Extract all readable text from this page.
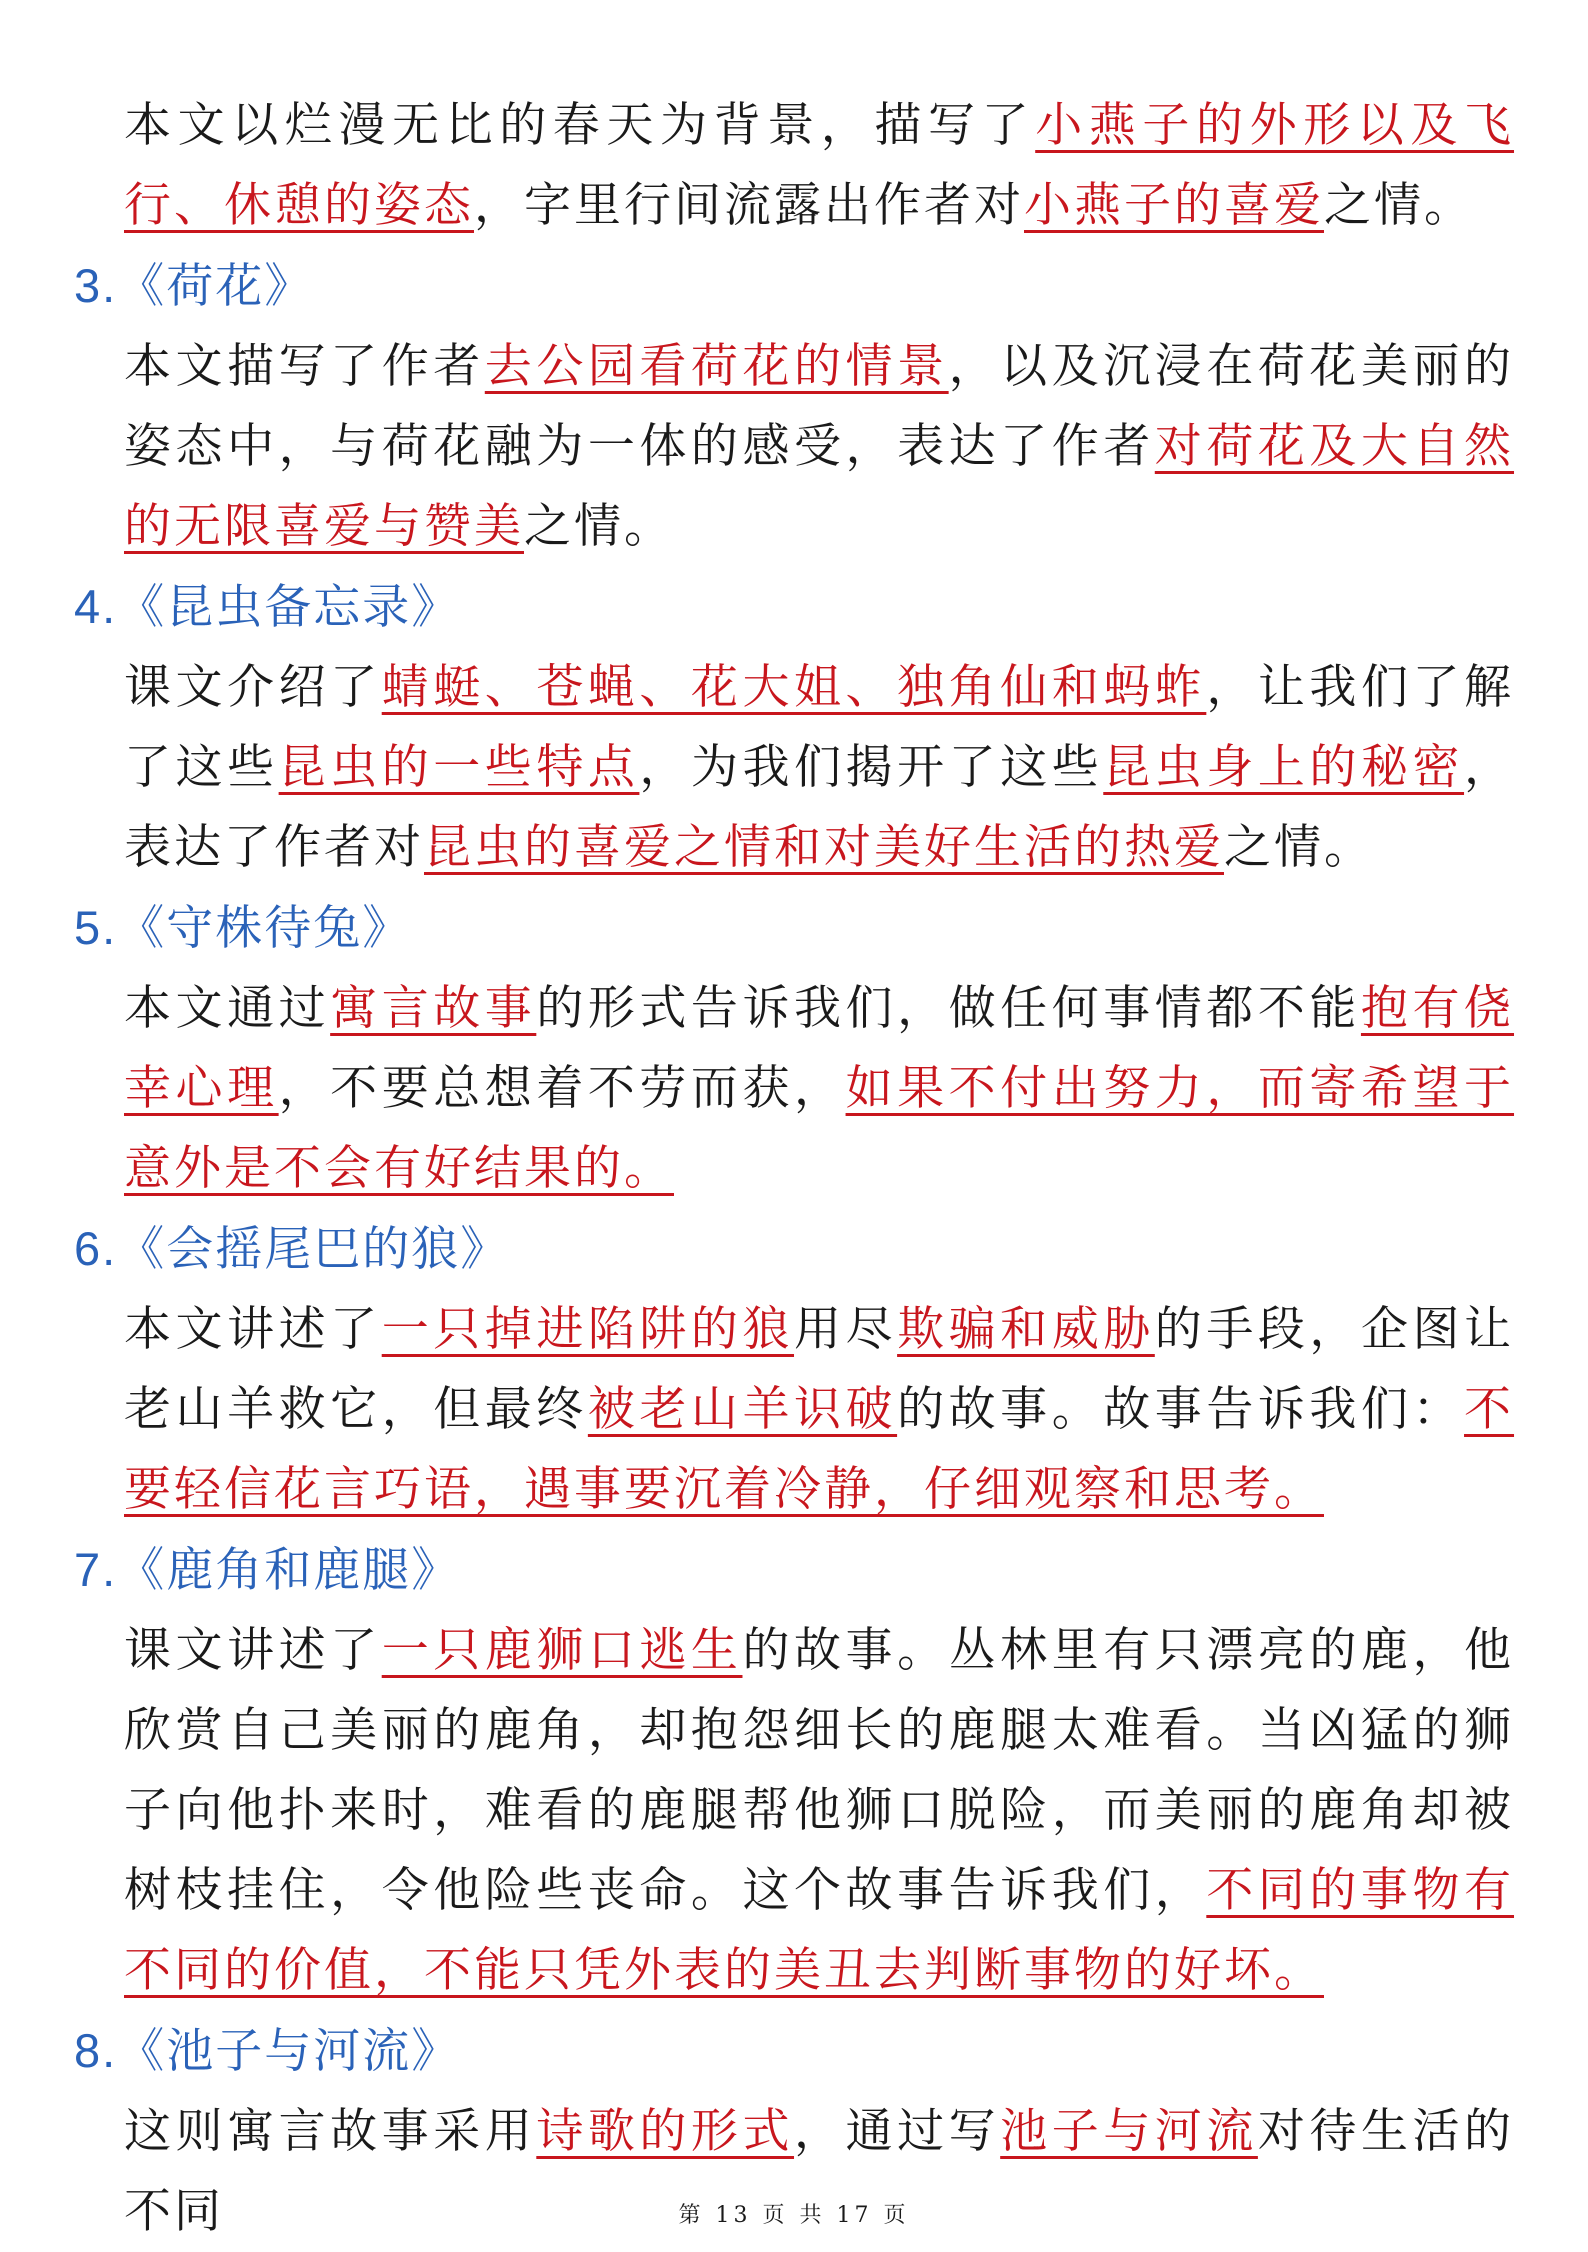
本文以烂漫无比的春天为背景，描写了小燕子的外形以及飞行、休憩的姿态，字里行间流露出作者对小燕子的喜爱之情。
3.《荷花》
本文描写了作者去公园看荷花的情景，以及沉浸在荷花美丽的姿态中，与荷花融为一体的感受，表达了作者对荷花及大自然的无限喜爱与赞美之情。
4.《昆虫备忘录》
课文介绍了蜻蜓、苍蝇、花大姐、独角仙和蚂蚱，让我们了解了这些昆虫的一些特点，为我们揭开了这些昆虫身上的秘密，表达了作者对昆虫的喜爱之情和对美好生活的热爱之情。
5.《守株待兔》
本文通过寓言故事的形式告诉我们，做任何事情都不能抱有侥幸心理，不要总想着不劳而获，如果不付出努力，而寄希望于意外是不会有好结果的。
6.《会摇尾巴的狼》
本文讲述了一只掉进陷阱的狼用尽欺骗和威胁的手段，企图让老山羊救它，但最终被老山羊识破的故事。故事告诉我们：不要轻信花言巧语，遇事要沉着冷静，仔细观察和思考。
7.《鹿角和鹿腿》
课文讲述了一只鹿狮口逃生的故事。丛林里有只漂亮的鹿，他欣赏自己美丽的鹿角，却抱怨细长的鹿腿太难看。当凶猛的狮子向他扑来时，难看的鹿腿帮他狮口脱险，而美丽的鹿角却被树枝挂住，令他险些丧命。这个故事告诉我们，不同的事物有不同的价值，不能只凭外表的美丑去判断事物的好坏。
8.《池子与河流》
这则寓言故事采用诗歌的形式，通过写池子与河流对待生活的不同	第 13 页 共 17 页
